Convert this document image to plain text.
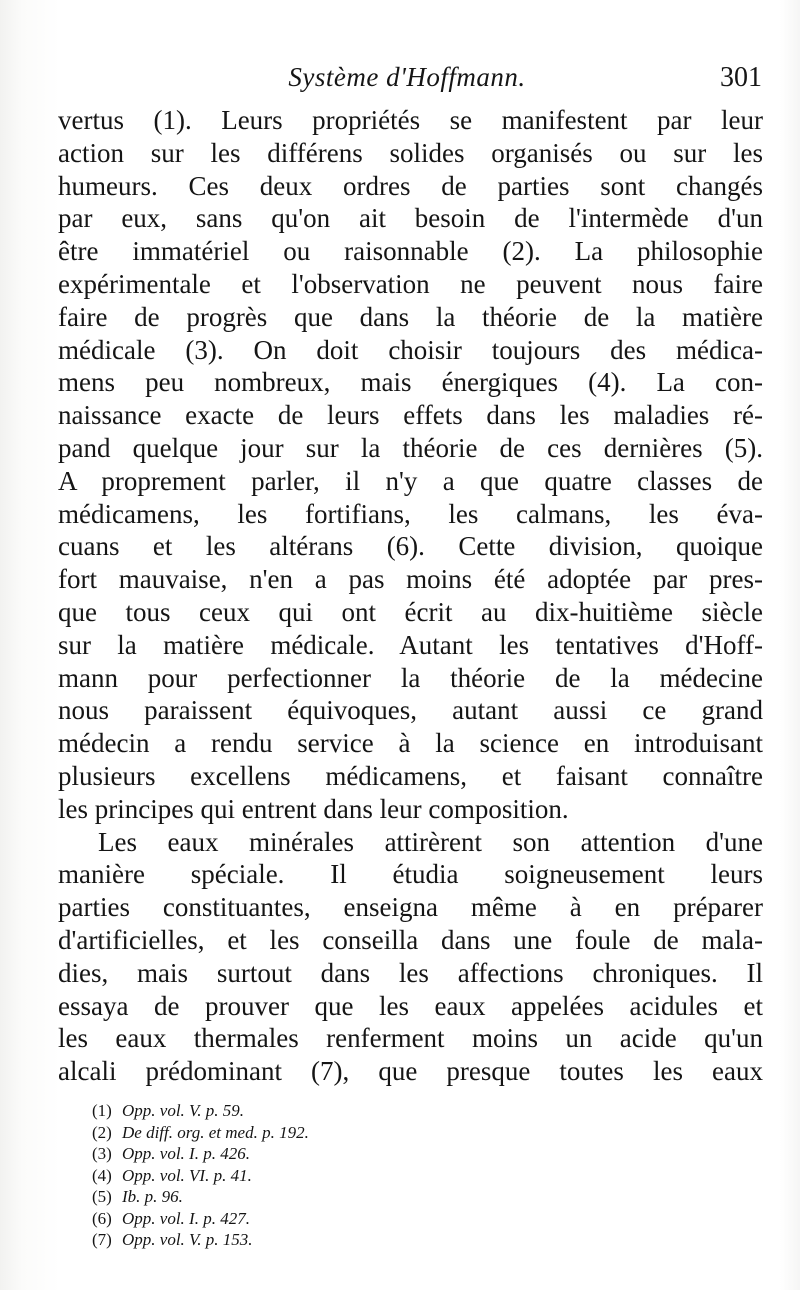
Système d'Hoffmann.	301
vertus (1). Leurs propriétés se manifestent par leur
action sur les différens solides organisés ou sur les
humeurs. Ces deux ordres de parties sont changés
par eux, sans qu'on ait besoin de l'intermède d'un
être immatériel ou raisonnable (2). La philosophie
expérimentale et l'observation ne peuvent nous faire
faire de progrès que dans la théorie de la matière
médicale (3). On doit choisir toujours des médica-
mens peu nombreux, mais énergiques (4). La con-
naissance exacte de leurs effets dans les maladies ré-
pand quelque jour sur la théorie de ces dernières (5).
A proprement parler, il n'y a que quatre classes de
médicamens, les fortifians, les calmans, les éva-
cuans et les altérans (6). Cette division, quoique
fort mauvaise, n'en a pas moins été adoptée par pres-
que tous ceux qui ont écrit au dix-huitième siècle
sur la matière médicale. Autant les tentatives d'Hoff-
mann pour perfectionner la théorie de la médecine
nous paraissent équivoques, autant aussi ce grand
médecin a rendu service à la science en introduisant
plusieurs excellens médicamens, et faisant connaître
les principes qui entrent dans leur composition.
Les eaux minérales attirèrent son attention d'une
manière spéciale. Il étudia soigneusement leurs
parties constituantes, enseigna même à en préparer
d'artificielles, et les conseilla dans une foule de mala-
dies, mais surtout dans les affections chroniques. Il
essaya de prouver que les eaux appelées acidules et
les eaux thermales renferment moins un acide qu'un
alcali prédominant (7), que presque toutes les eaux
(1) Opp. vol. V. p. 59.
(2) De diff. org. et med. p. 192.
(3) Opp. vol. I. p. 426.
(4) Opp. vol. VI. p. 41.
(5) Ib. p. 96.
(6) Opp. vol. I. p. 427.
(7) Opp. vol. V. p. 153.
